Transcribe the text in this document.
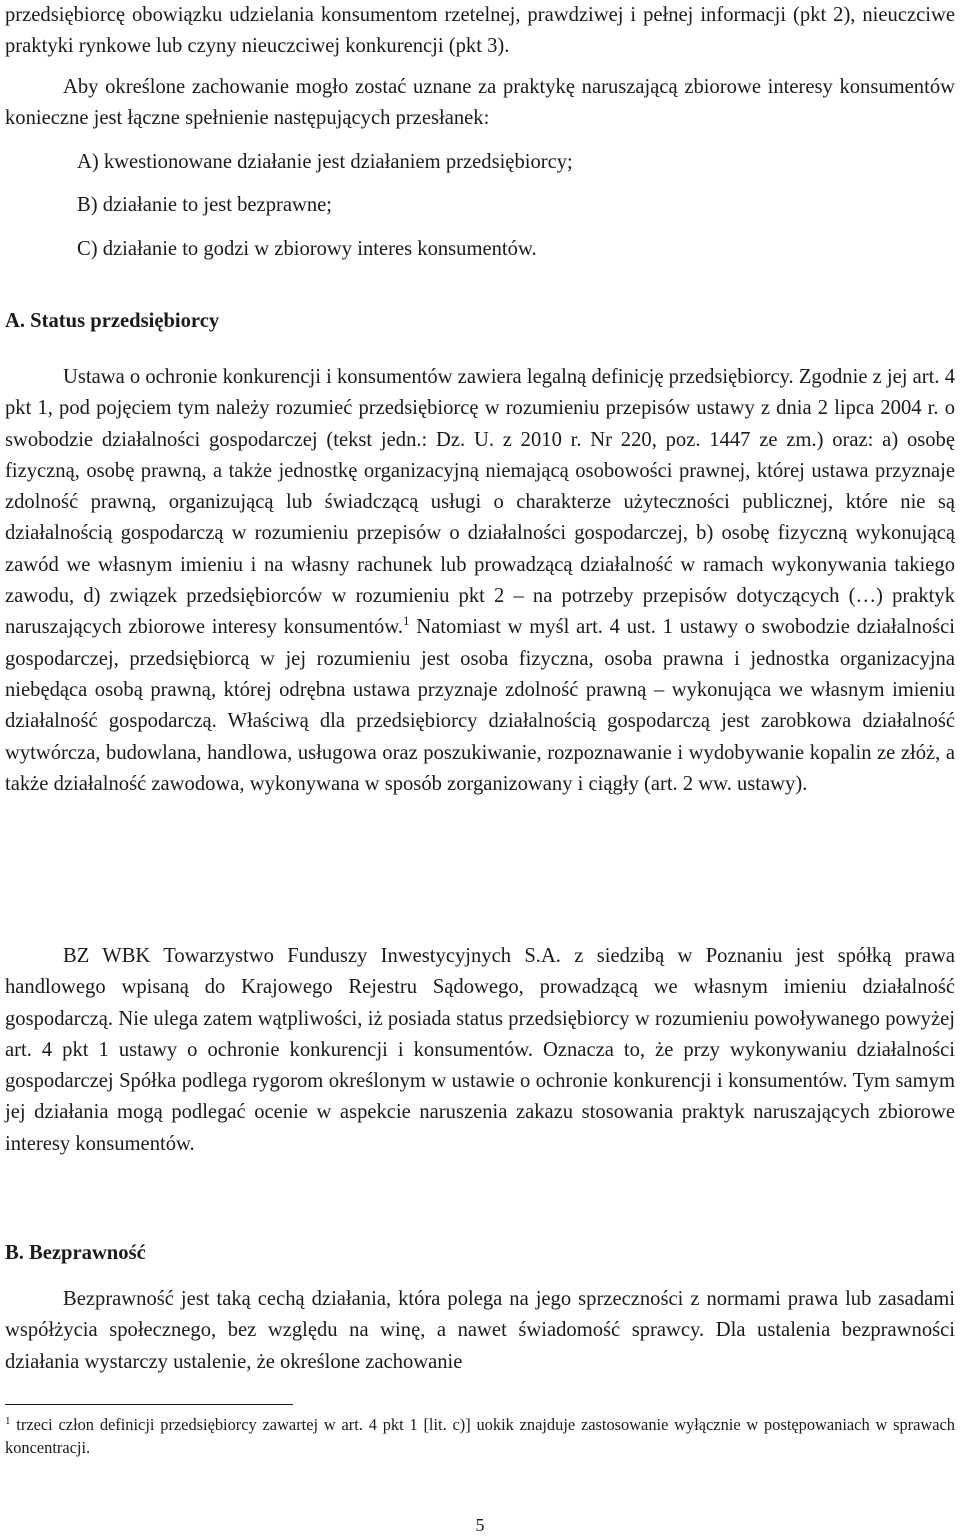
przedsiębiorcę obowiązku udzielania konsumentom rzetelnej, prawdziwej i pełnej informacji (pkt 2), nieuczciwe praktyki rynkowe lub czyny nieuczciwej konkurencji (pkt 3).

Aby określone zachowanie mogło zostać uznane za praktykę naruszającą zbiorowe interesy konsumentów konieczne jest łączne spełnienie następujących przesłanek:

A) kwestionowane działanie jest działaniem przedsiębiorcy;

B) działanie to jest bezprawne;

C) działanie to godzi w zbiorowy interes konsumentów.

A. Status przedsiębiorcy

Ustawa o ochronie konkurencji i konsumentów zawiera legalną definicję przedsiębiorcy. Zgodnie z jej art. 4 pkt 1, pod pojęciem tym należy rozumieć przedsiębiorcę w rozumieniu przepisów ustawy z dnia 2 lipca 2004 r. o swobodzie działalności gospodarczej (tekst jedn.: Dz. U. z 2010 r. Nr 220, poz. 1447 ze zm.) oraz: a) osobę fizyczną, osobę prawną, a także jednostkę organizacyjną niemającą osobowości prawnej, której ustawa przyznaje zdolność prawną, organizującą lub świadczącą usługi o charakterze użyteczności publicznej, które nie są działalnością gospodarczą w rozumieniu przepisów o działalności gospodarczej, b) osobę fizyczną wykonującą zawód we własnym imieniu i na własny rachunek lub prowadzącą działalność w ramach wykonywania takiego zawodu, d) związek przedsiębiorców w rozumieniu pkt 2 – na potrzeby przepisów dotyczących (…) praktyk naruszających zbiorowe interesy konsumentów.$^1$ Natomiast w myśl art. 4 ust. 1 ustawy o swobodzie działalności gospodarczej, przedsiębiorcą w jej rozumieniu jest osoba fizyczna, osoba prawna i jednostka organizacyjna niebędąca osobą prawną, której odrębna ustawa przyznaje zdolność prawną – wykonująca we własnym imieniu działalność gospodarczą. Właściwą dla przedsiębiorcy działalnością gospodarczą jest zarobkowa działalność wytwórcza, budowlana, handlowa, usługowa oraz poszukiwanie, rozpoznawanie i wydobywanie kopalin ze złóż, a także działalność zawodowa, wykonywana w sposób zorganizowany i ciągły (art. 2 ww. ustawy).

BZ WBK Towarzystwo Funduszy Inwestycyjnych S.A. z siedzibą w Poznaniu jest spółką prawa handlowego wpisaną do Krajowego Rejestru Sądowego, prowadzącą we własnym imieniu działalność gospodarczą. Nie ulega zatem wątpliwości, iż posiada status przedsiębiorcy w rozumieniu powoływanego powyżej art. 4 pkt 1 ustawy o ochronie konkurencji i konsumentów. Oznacza to, że przy wykonywaniu działalności gospodarczej Spółka podlega rygorom określonym w ustawie o ochronie konkurencji i konsumentów. Tym samym jej działania mogą podlegać ocenie w aspekcie naruszenia zakazu stosowania praktyk naruszających zbiorowe interesy konsumentów.

B. Bezprawność

Bezprawność jest taką cechą działania, która polega na jego sprzeczności z normami prawa lub zasadami współżycia społecznego, bez względu na winę, a nawet świadomość sprawcy. Dla ustalenia bezprawności działania wystarczy ustalenie, że określone zachowanie

$^1$ trzeci człon definicji przedsiębiorcy zawartej w art. 4 pkt 1 [lit. c)] uokik znajduje zastosowanie wyłącznie w postępowaniach w sprawach koncentracji.

5
